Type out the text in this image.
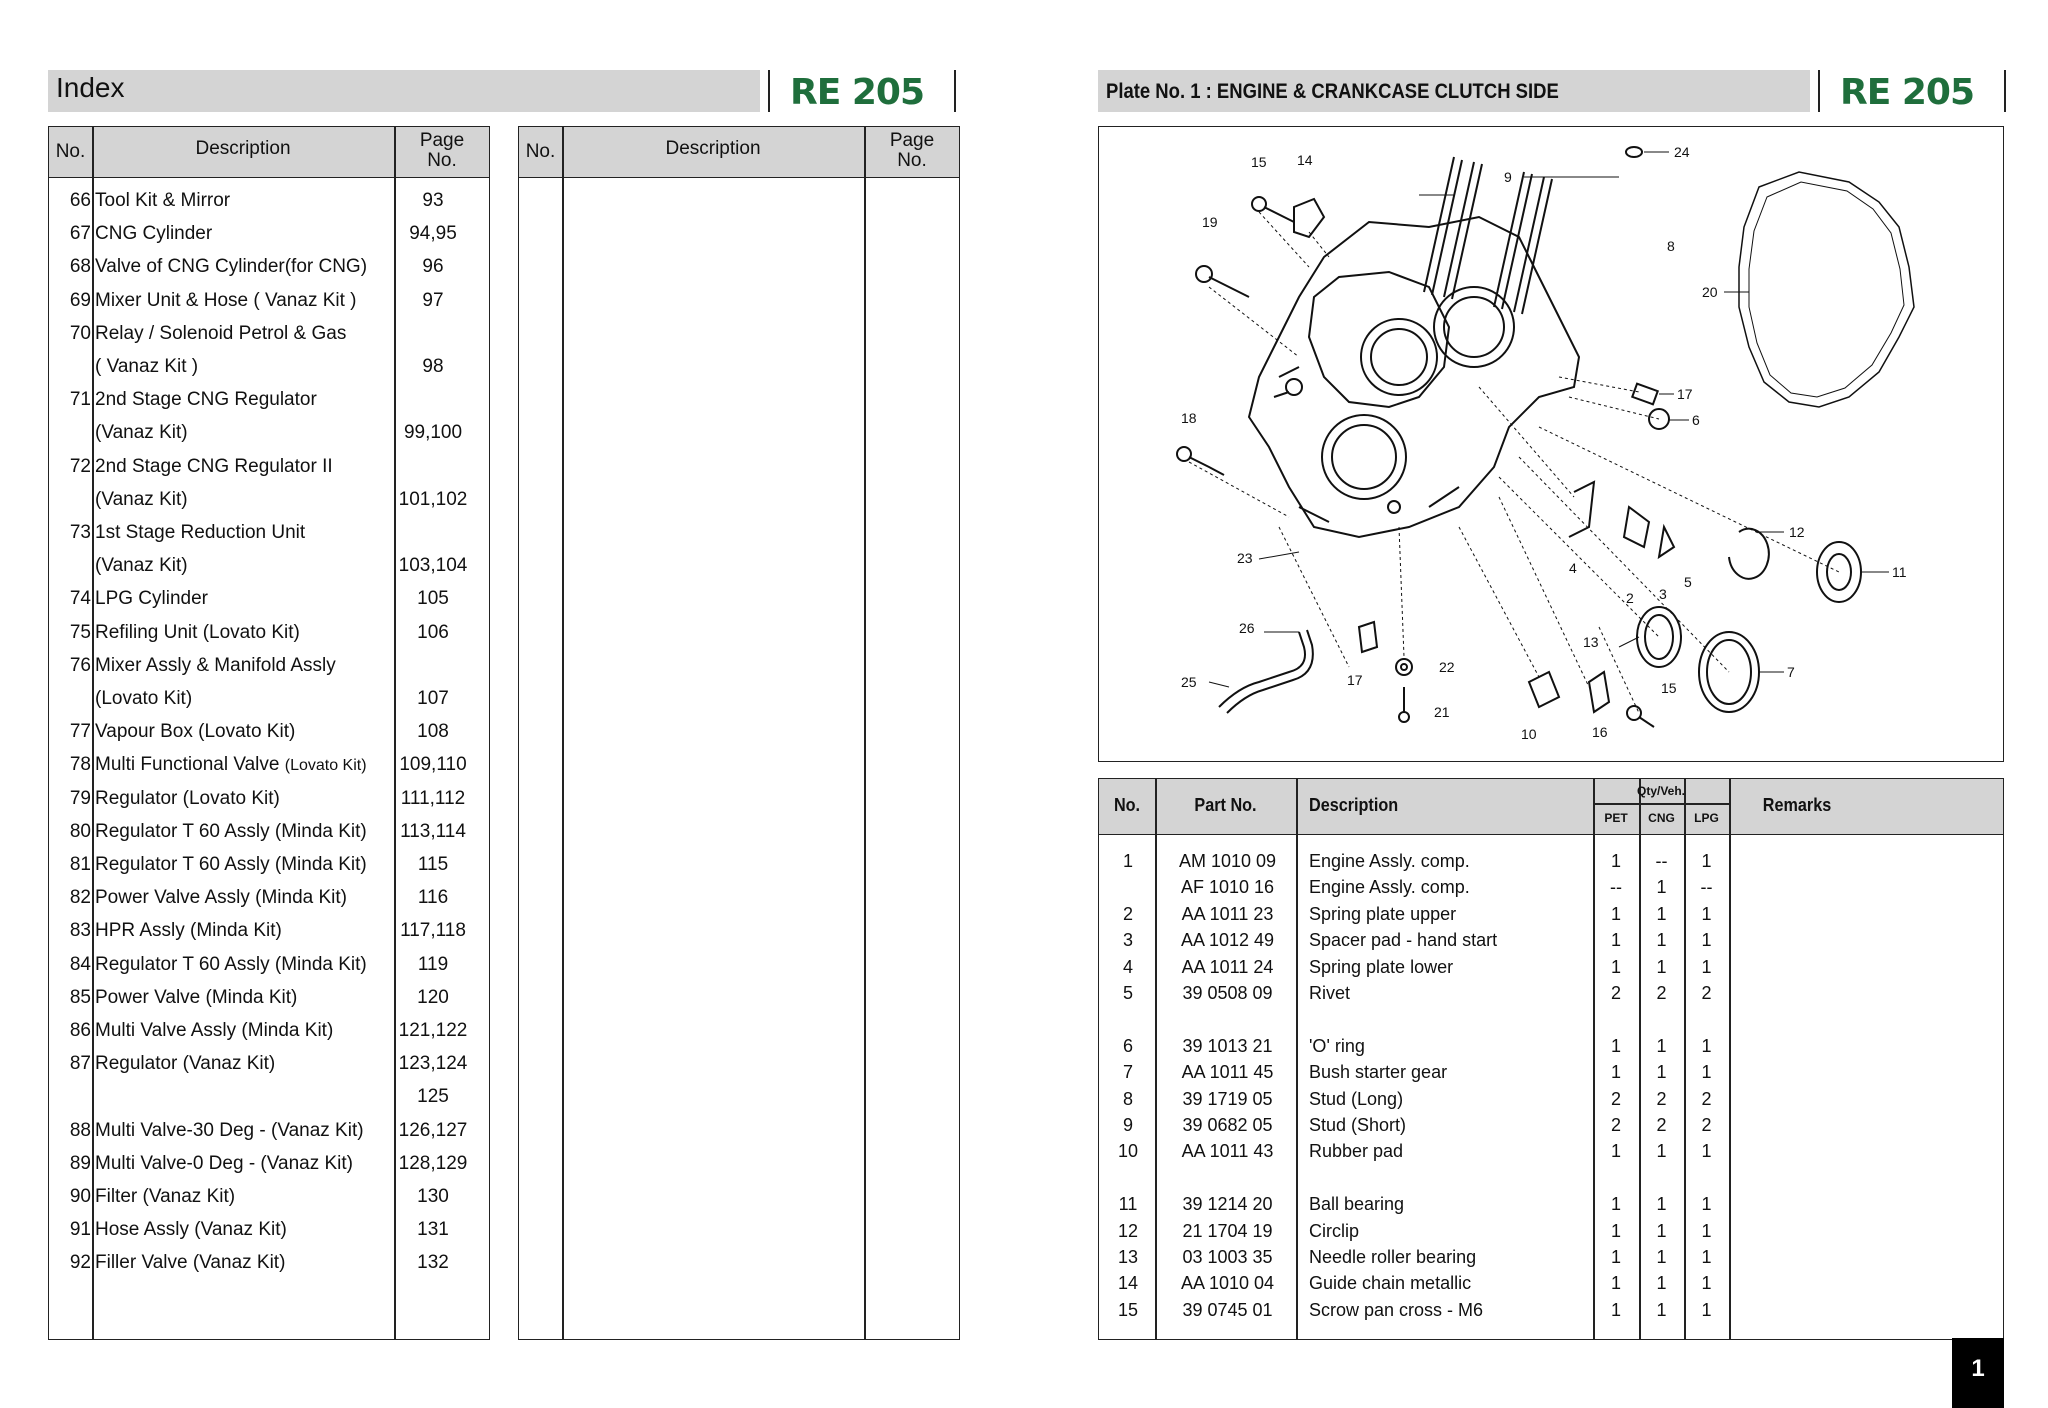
Index	RE 205
No.	Description	Page
No.
66 Tool Kit & Mirror	93
67 CNG Cylinder	94,95
68 Valve of CNG Cylinder(for CNG)	96
69 Mixer Unit & Hose ( Vanaz Kit )	97
70 Relay / Solenoid Petrol & Gas
( Vanaz Kit )	98
71 2nd Stage CNG Regulator
(Vanaz Kit)	99,100
72 2nd Stage CNG Regulator II
(Vanaz Kit)	101,102
73 1st Stage Reduction Unit
(Vanaz Kit)	103,104
74 LPG Cylinder	105
75 Refiling Unit (Lovato Kit)	106
76 Mixer Assly & Manifold Assly
(Lovato Kit)	107
77 Vapour Box (Lovato Kit)	108
78 Multi Functional Valve (Lovato Kit)	109,110
79 Regulator (Lovato Kit)	111,112
80 Regulator T 60 Assly (Minda Kit)	113,114
81 Regulator T 60 Assly (Minda Kit)	115
82 Power Valve Assly (Minda Kit)	116
83 HPR Assly (Minda Kit)	117,118
84 Regulator T 60 Assly (Minda Kit)	119
85 Power Valve (Minda Kit)	120
86 Multi Valve Assly (Minda Kit)	121,122
87 Regulator (Vanaz Kit)	123,124
125
88 Multi Valve-30 Deg - (Vanaz Kit)	126,127
89 Multi Valve-0 Deg - (Vanaz Kit)	128,129
90 Filter (Vanaz Kit)	130
91 Hose Assly (Vanaz Kit)	131
92 Filler Valve (Vanaz Kit)	132
No.	Description	Page
No.
Plate No. 1 : ENGINE & CRANKCASE CLUTCH SIDE	RE 205
24
15 14
9
8
19
20
17
6
18
12
11
4
2 3
5
23
26
13
7
25	17
22
21
10	16
15
No.	Part No.	Description
Qty/Veh.
PET	CNG	LPG
Remarks
1	AM 1010 09	Engine Assly. comp.	1	--	1
AF 1010 16	Engine Assly. comp.	--	1	--
2	AA 1011 23	Spring plate upper	1	1	1
3	AA 1012 49	Spacer pad - hand start	1	1	1
4	AA 1011 24	Spring plate lower	1	1	1
5	39 0508 09	Rivet	2	2	2
6	39 1013 21	'O' ring	1	1	1
7	AA 1011 45	Bush starter gear	1	1	1
8	39 1719 05	Stud (Long)	2	2	2
9	39 0682 05	Stud (Short)	2	2	2
10	AA 1011 43	Rubber pad	1	1	1
11	39 1214 20	Ball bearing	1	1	1
12	21 1704 19	Circlip	1	1	1
13	03 1003 35	Needle roller bearing	1	1	1
14	AA 1010 04	Guide chain metallic	1	1	1
15	39 0745 01	Scrow pan cross - M6	1	1	1
1
